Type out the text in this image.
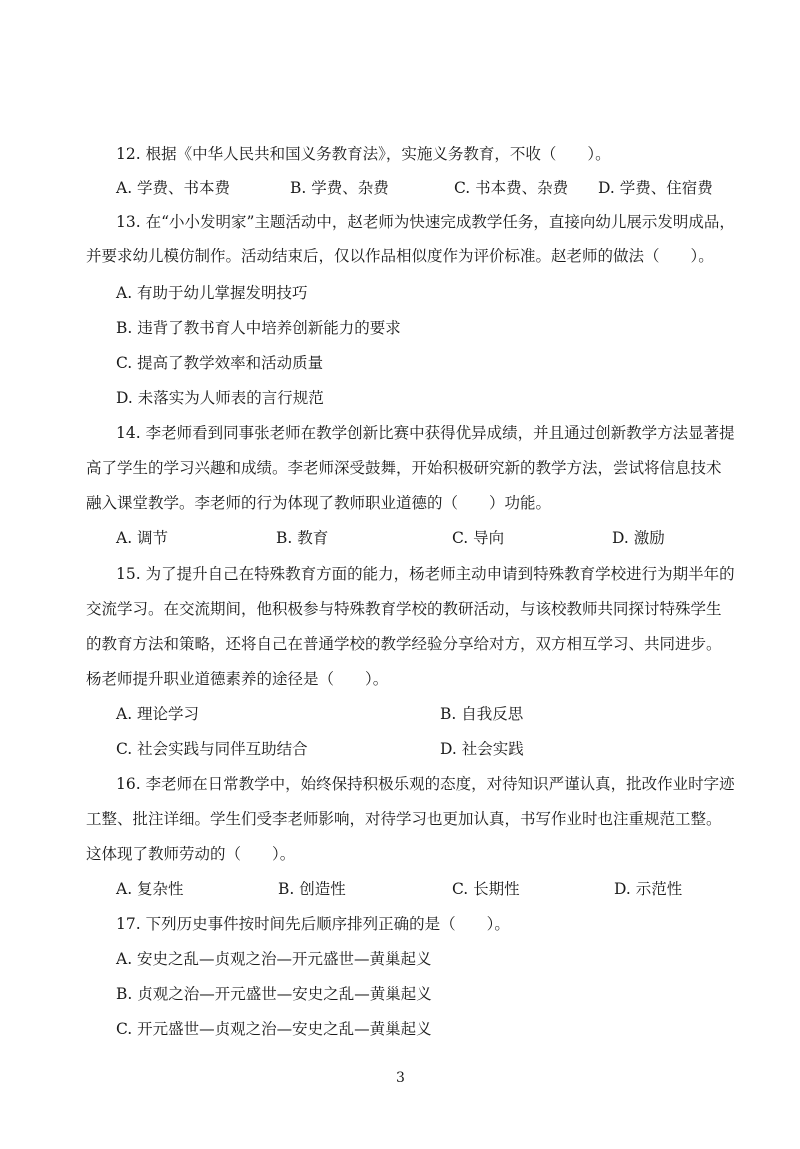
12. 根据《中华人民共和国义务教育法》，实施义务教育，不收（　　）。
A. 学费、书本费	B. 学费、杂费	C. 书本费、杂费 D. 学费、住宿费
13. 在“小小发明家”主题活动中，赵老师为快速完成教学任务，直接向幼儿展示发明成品，
并要求幼儿模仿制作。活动结束后，仅以作品相似度作为评价标准。赵老师的做法（　　）。
A. 有助于幼儿掌握发明技巧
B. 违背了教书育人中培养创新能力的要求
C. 提高了教学效率和活动质量
D. 未落实为人师表的言行规范
14. 李老师看到同事张老师在教学创新比赛中获得优异成绩，并且通过创新教学方法显著提
高了学生的学习兴趣和成绩。李老师深受鼓舞，开始积极研究新的教学方法，尝试将信息技术
融入课堂教学。李老师的行为体现了教师职业道德的（　　）功能。
A. 调节	B. 教育	C. 导向	D. 激励
15. 为了提升自己在特殊教育方面的能力，杨老师主动申请到特殊教育学校进行为期半年的
交流学习。在交流期间，他积极参与特殊教育学校的教研活动，与该校教师共同探讨特殊学生
的教育方法和策略，还将自己在普通学校的教学经验分享给对方，双方相互学习、共同进步。
杨老师提升职业道德素养的途径是（　　）。
A. 理论学习	B. 自我反思
C. 社会实践与同伴互助结合	D. 社会实践
16. 李老师在日常教学中，始终保持积极乐观的态度，对待知识严谨认真，批改作业时字迹
工整、批注详细。学生们受李老师影响，对待学习也更加认真，书写作业时也注重规范工整。
这体现了教师劳动的（　　）。
A. 复杂性	B. 创造性	C. 长期性	D. 示范性
17. 下列历史事件按时间先后顺序排列正确的是（　　）。
A. 安史之乱—贞观之治—开元盛世—黄巢起义
B. 贞观之治—开元盛世—安史之乱—黄巢起义
C. 开元盛世—贞观之治—安史之乱—黄巢起义
3
